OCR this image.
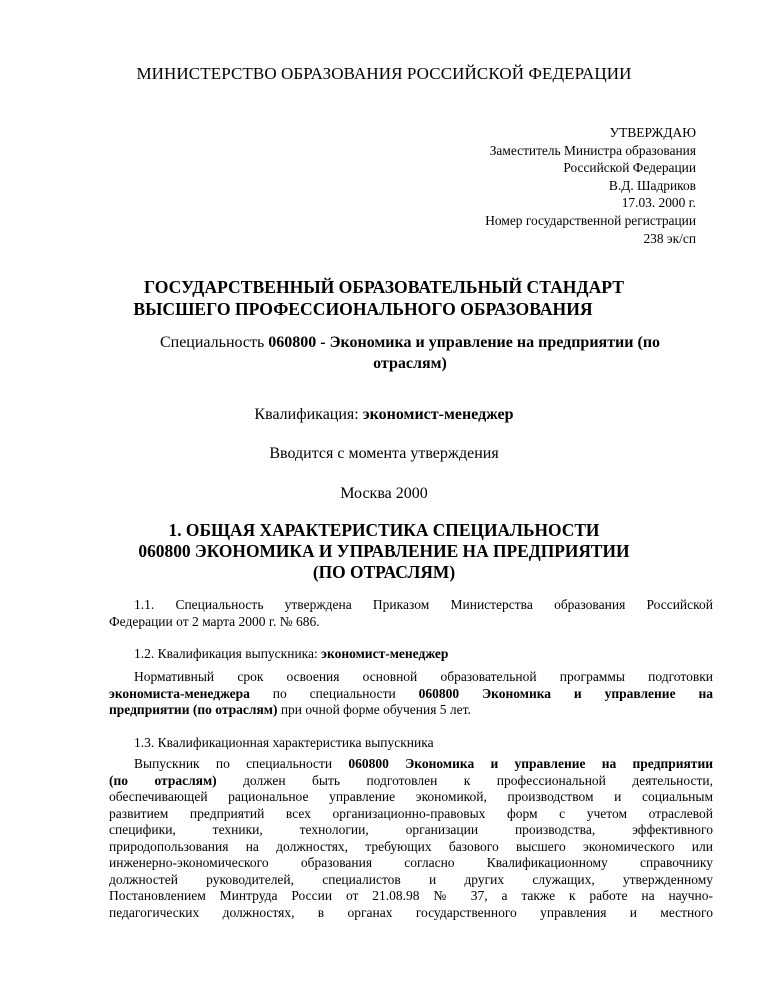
МИНИСТЕРСТВО ОБРАЗОВАНИЯ РОССИЙСКОЙ ФЕДЕРАЦИИ
УТВЕРЖДАЮ
Заместитель Министра образования
Российской Федерации
В.Д. Шадриков
17.03. 2000 г.
Номер государственной регистрации
238 эк/сп
ГОСУДАРСТВЕННЫЙ ОБРАЗОВАТЕЛЬНЫЙ СТАНДАРТ
ВЫСШЕГО ПРОФЕССИОНАЛЬНОГО ОБРАЗОВАНИЯ
Специальность 060800 - Экономика и управление на предприятии (по
отраслям)
Квалификация: экономист-менеджер
Вводится с момента утверждения
Москва 2000
1. ОБЩАЯ ХАРАКТЕРИСТИКА СПЕЦИАЛЬНОСТИ
060800 ЭКОНОМИКА И УПРАВЛЕНИЕ НА ПРЕДПРИЯТИИ
(ПО ОТРАСЛЯМ)
1.1. Специальность утверждена Приказом Министерства образования Российской
Федерации от 2 марта 2000 г. № 686.
1.2. Квалификация выпускника: экономист-менеджер
Нормативный срок освоения основной образовательной программы подготовки
экономиста-менеджера по специальности 060800 Экономика и управление на
предприятии (по отраслям) при очной форме обучения 5 лет.
1.3. Квалификационная характеристика выпускника
Выпускник по специальности 060800 Экономика и управление на предприятии
(по отраслям) должен быть подготовлен к профессиональной деятельности,
обеспечивающей рациональное управление экономикой, производством и социальным
развитием предприятий всех организационно-правовых форм с учетом отраслевой
специфики, техники, технологии, организации производства, эффективного
природопользования на должностях, требующих базового высшего экономического или
инженерно-экономического образования согласно Квалификационному справочнику
должностей руководителей, специалистов и других служащих, утвержденному
Постановлением Минтруда России от 21.08.98 № 37, а также к работе на научно-
педагогических должностях, в органах государственного управления и местного
